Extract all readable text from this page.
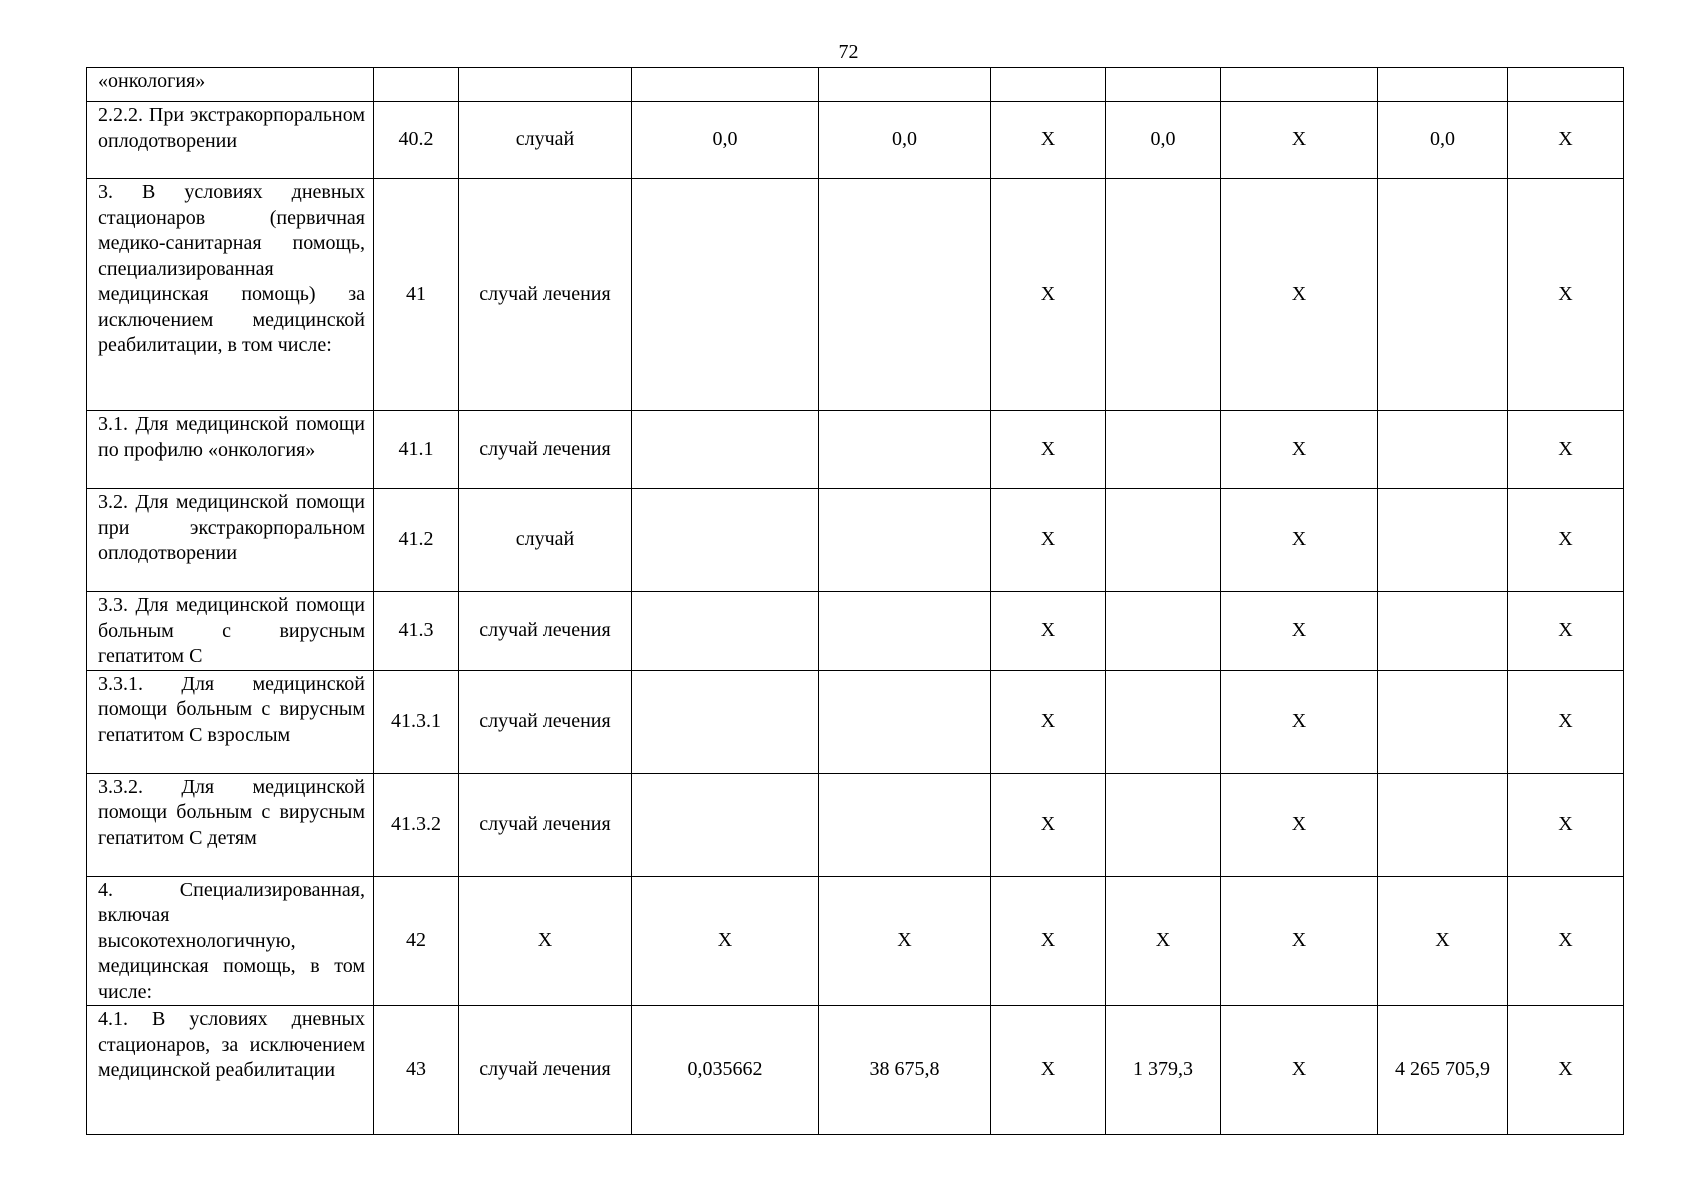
72
«онкология»									
2.2.2. При экстракорпоральном оплодотворении	40.2	случай	0,0	0,0	Х	0,0	Х	0,0	Х
3. В условиях дневных стационаров (первичная медико-санитарная помощь, специализированная медицинская помощь) за исключением медицинской реабилитации, в том числе:	41	случай лечения			Х		Х		Х
3.1. Для медицинской помощи по профилю «онкология»	41.1	случай лечения			Х		Х		Х
3.2. Для медицинской помощи при экстракорпоральном оплодотворении	41.2	случай			Х		Х		Х
3.3. Для медицинской помощи больным с вирусным гепатитом С	41.3	случай лечения			Х		Х		Х
3.3.1. Для медицинской помощи больным с вирусным гепатитом С взрослым	41.3.1	случай лечения			Х		Х		Х
3.3.2. Для медицинской помощи больным с вирусным гепатитом С детям	41.3.2	случай лечения			Х		Х		Х
4. Специализированная, включая высокотехнологичную, медицинская помощь, в том числе:	42	Х	Х	Х	Х	Х	Х	Х	Х
4.1. В условиях дневных стационаров, за исключением медицинской реабилитации	43	случай лечения	0,035662	38 675,8	Х	1 379,3	Х	4 265 705,9	Х
